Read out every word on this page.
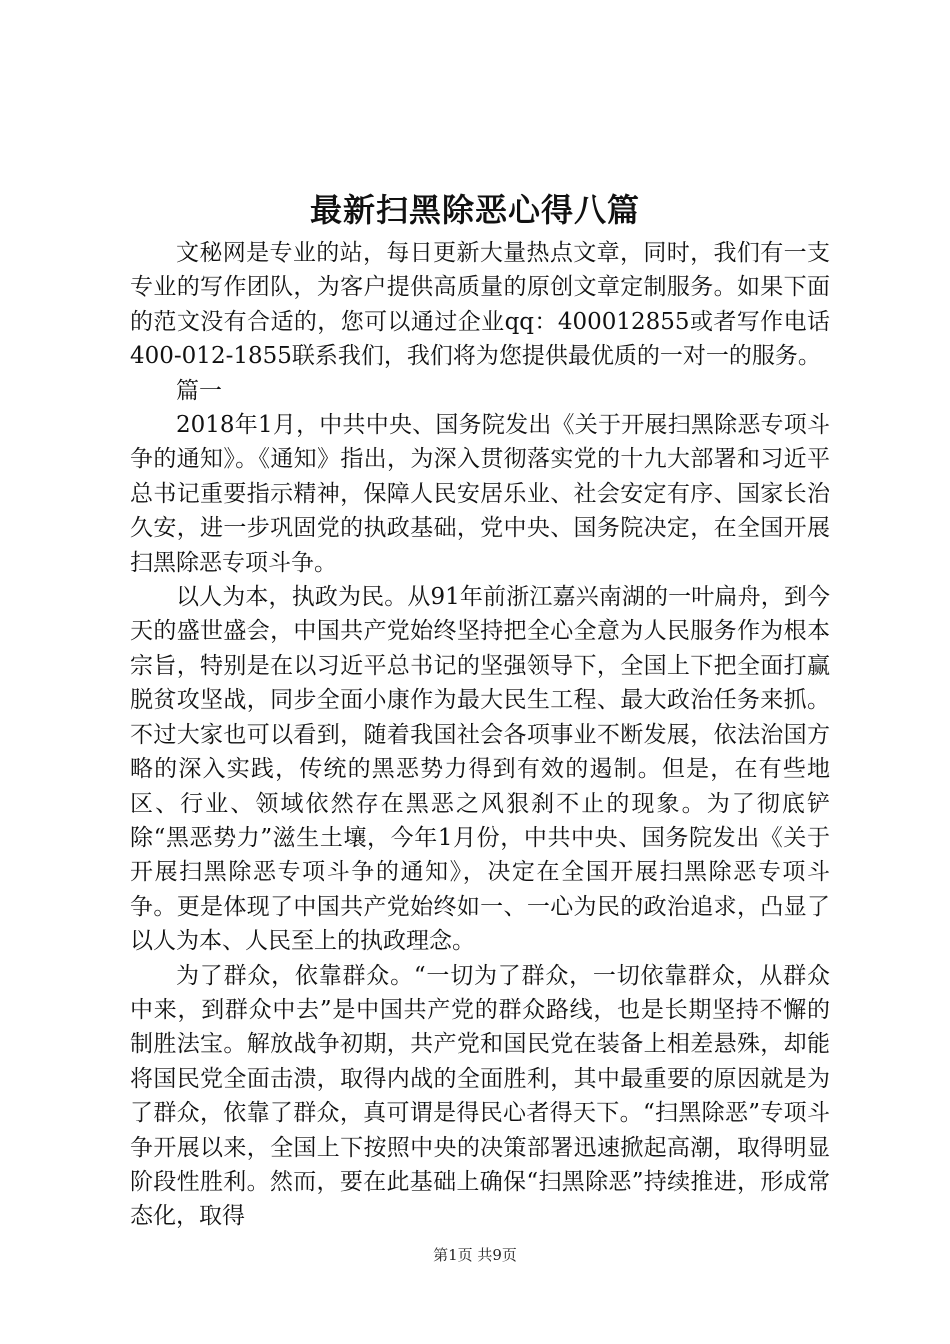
最新扫黑除恶心得八篇

文秘网是专业的站，每日更新大量热点文章，同时，我们有一支专业的写作团队，为客户提供高质量的原创文章定制服务。如果下面的范文没有合适的，您可以通过企业qq：400012855或者写作电话400-012-1855联系我们，我们将为您提供最优质的一对一的服务。

篇一

2018年1月，中共中央、国务院发出《关于开展扫黑除恶专项斗争的通知》。《通知》指出，为深入贯彻落实党的十九大部署和习近平总书记重要指示精神，保障人民安居乐业、社会安定有序、国家长治久安，进一步巩固党的执政基础，党中央、国务院决定，在全国开展扫黑除恶专项斗争。

以人为本，执政为民。从91年前浙江嘉兴南湖的一叶扁舟，到今天的盛世盛会，中国共产党始终坚持把全心全意为人民服务作为根本宗旨，特别是在以习近平总书记的坚强领导下，全国上下把全面打赢脱贫攻坚战，同步全面小康作为最大民生工程、最大政治任务来抓。不过大家也可以看到，随着我国社会各项事业不断发展，依法治国方略的深入实践，传统的黑恶势力得到有效的遏制。但是，在有些地区、行业、领域依然存在黑恶之风狠刹不止的现象。为了彻底铲除“黑恶势力”滋生土壤，今年1月份，中共中央、国务院发出《关于开展扫黑除恶专项斗争的通知》，决定在全国开展扫黑除恶专项斗争。更是体现了中国共产党始终如一、一心为民的政治追求，凸显了以人为本、人民至上的执政理念。

为了群众，依靠群众。“一切为了群众，一切依靠群众，从群众中来，到群众中去”是中国共产党的群众路线，也是长期坚持不懈的制胜法宝。解放战争初期，共产党和国民党在装备上相差悬殊，却能将国民党全面击溃，取得内战的全面胜利，其中最重要的原因就是为了群众，依靠了群众，真可谓是得民心者得天下。“扫黑除恶”专项斗争开展以来，全国上下按照中央的决策部署迅速掀起高潮，取得明显阶段性胜利。然而，要在此基础上确保“扫黑除恶”持续推进，形成常态化，取得

第1页 共9页
